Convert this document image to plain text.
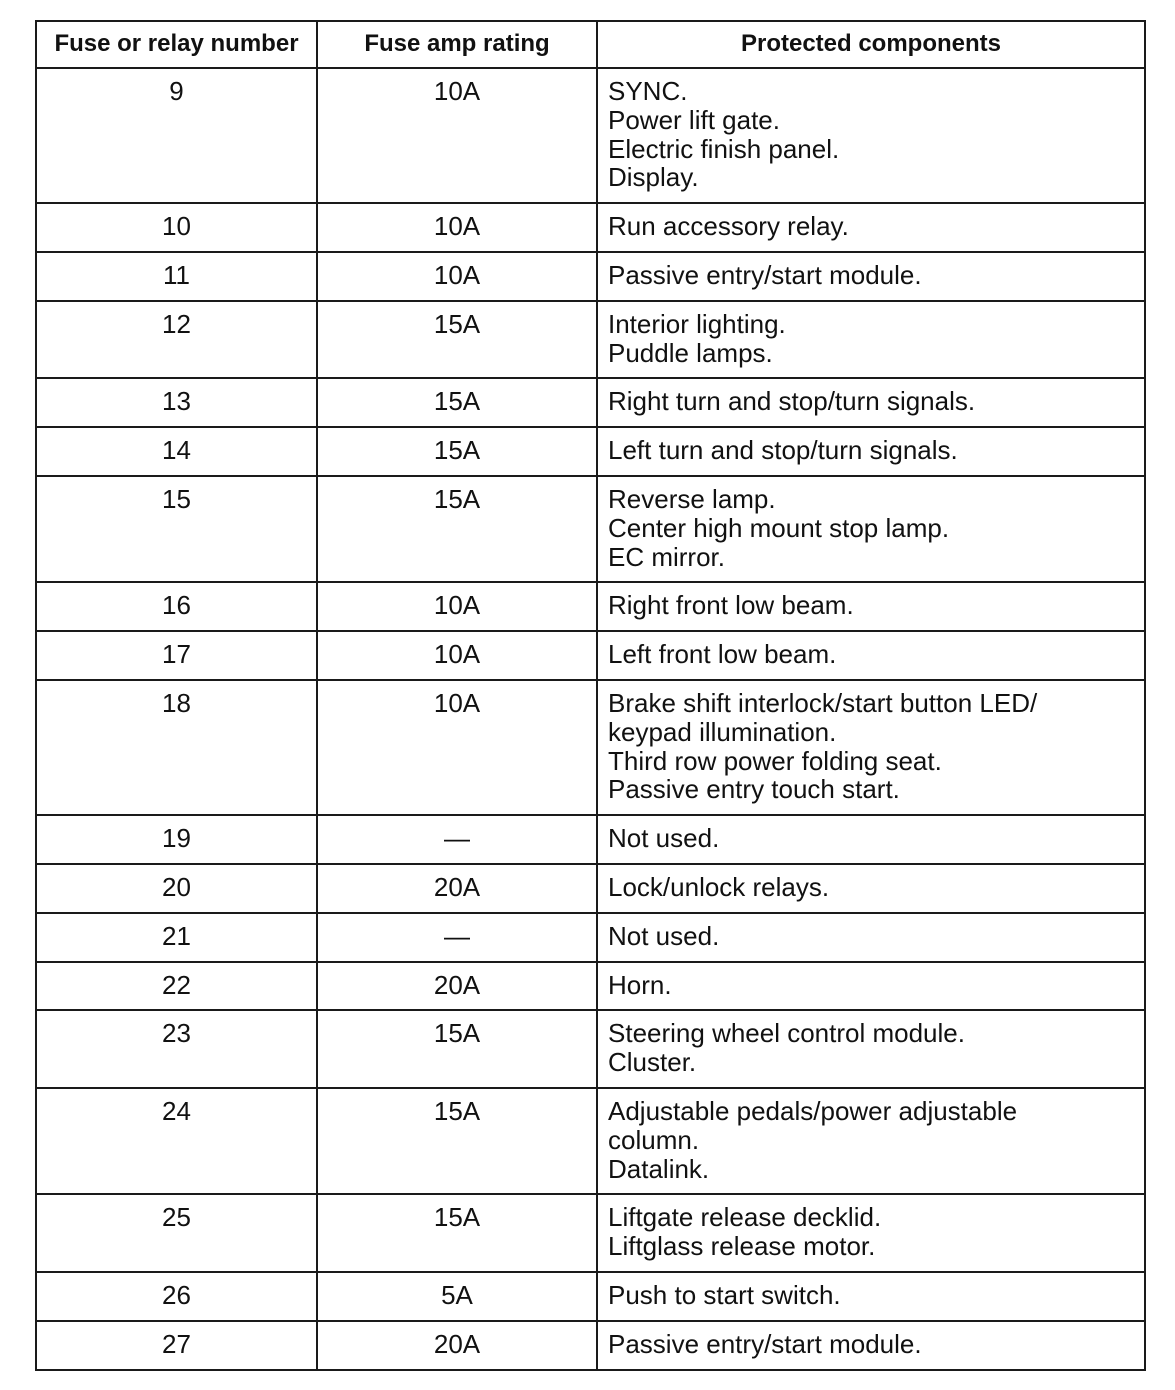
Fuse or relay number	Fuse amp rating	Protected components
9	10A	SYNC.
Power lift gate.
Electric finish panel.
Display.

10	10A	Run accessory relay.

11	10A	Passive entry/start module.

12	15A	Interior lighting.
Puddle lamps.

13	15A	Right turn and stop/turn signals.

14	15A	Left turn and stop/turn signals.

15	15A	Reverse lamp.
Center high mount stop lamp.
EC mirror.

16	10A	Right front low beam.

17	10A	Left front low beam.

18	10A	Brake shift interlock/start button LED/
keypad illumination.
Third row power folding seat.
Passive entry touch start.

19	—	Not used.

20	20A	Lock/unlock relays.

21	—	Not used.

22	20A	Horn.

23	15A	Steering wheel control module.
Cluster.

24	15A	Adjustable pedals/power adjustable
column.
Datalink.

25	15A	Liftgate release decklid.
Liftglass release motor.

26	5A	Push to start switch.

27	20A	Passive entry/start module.
